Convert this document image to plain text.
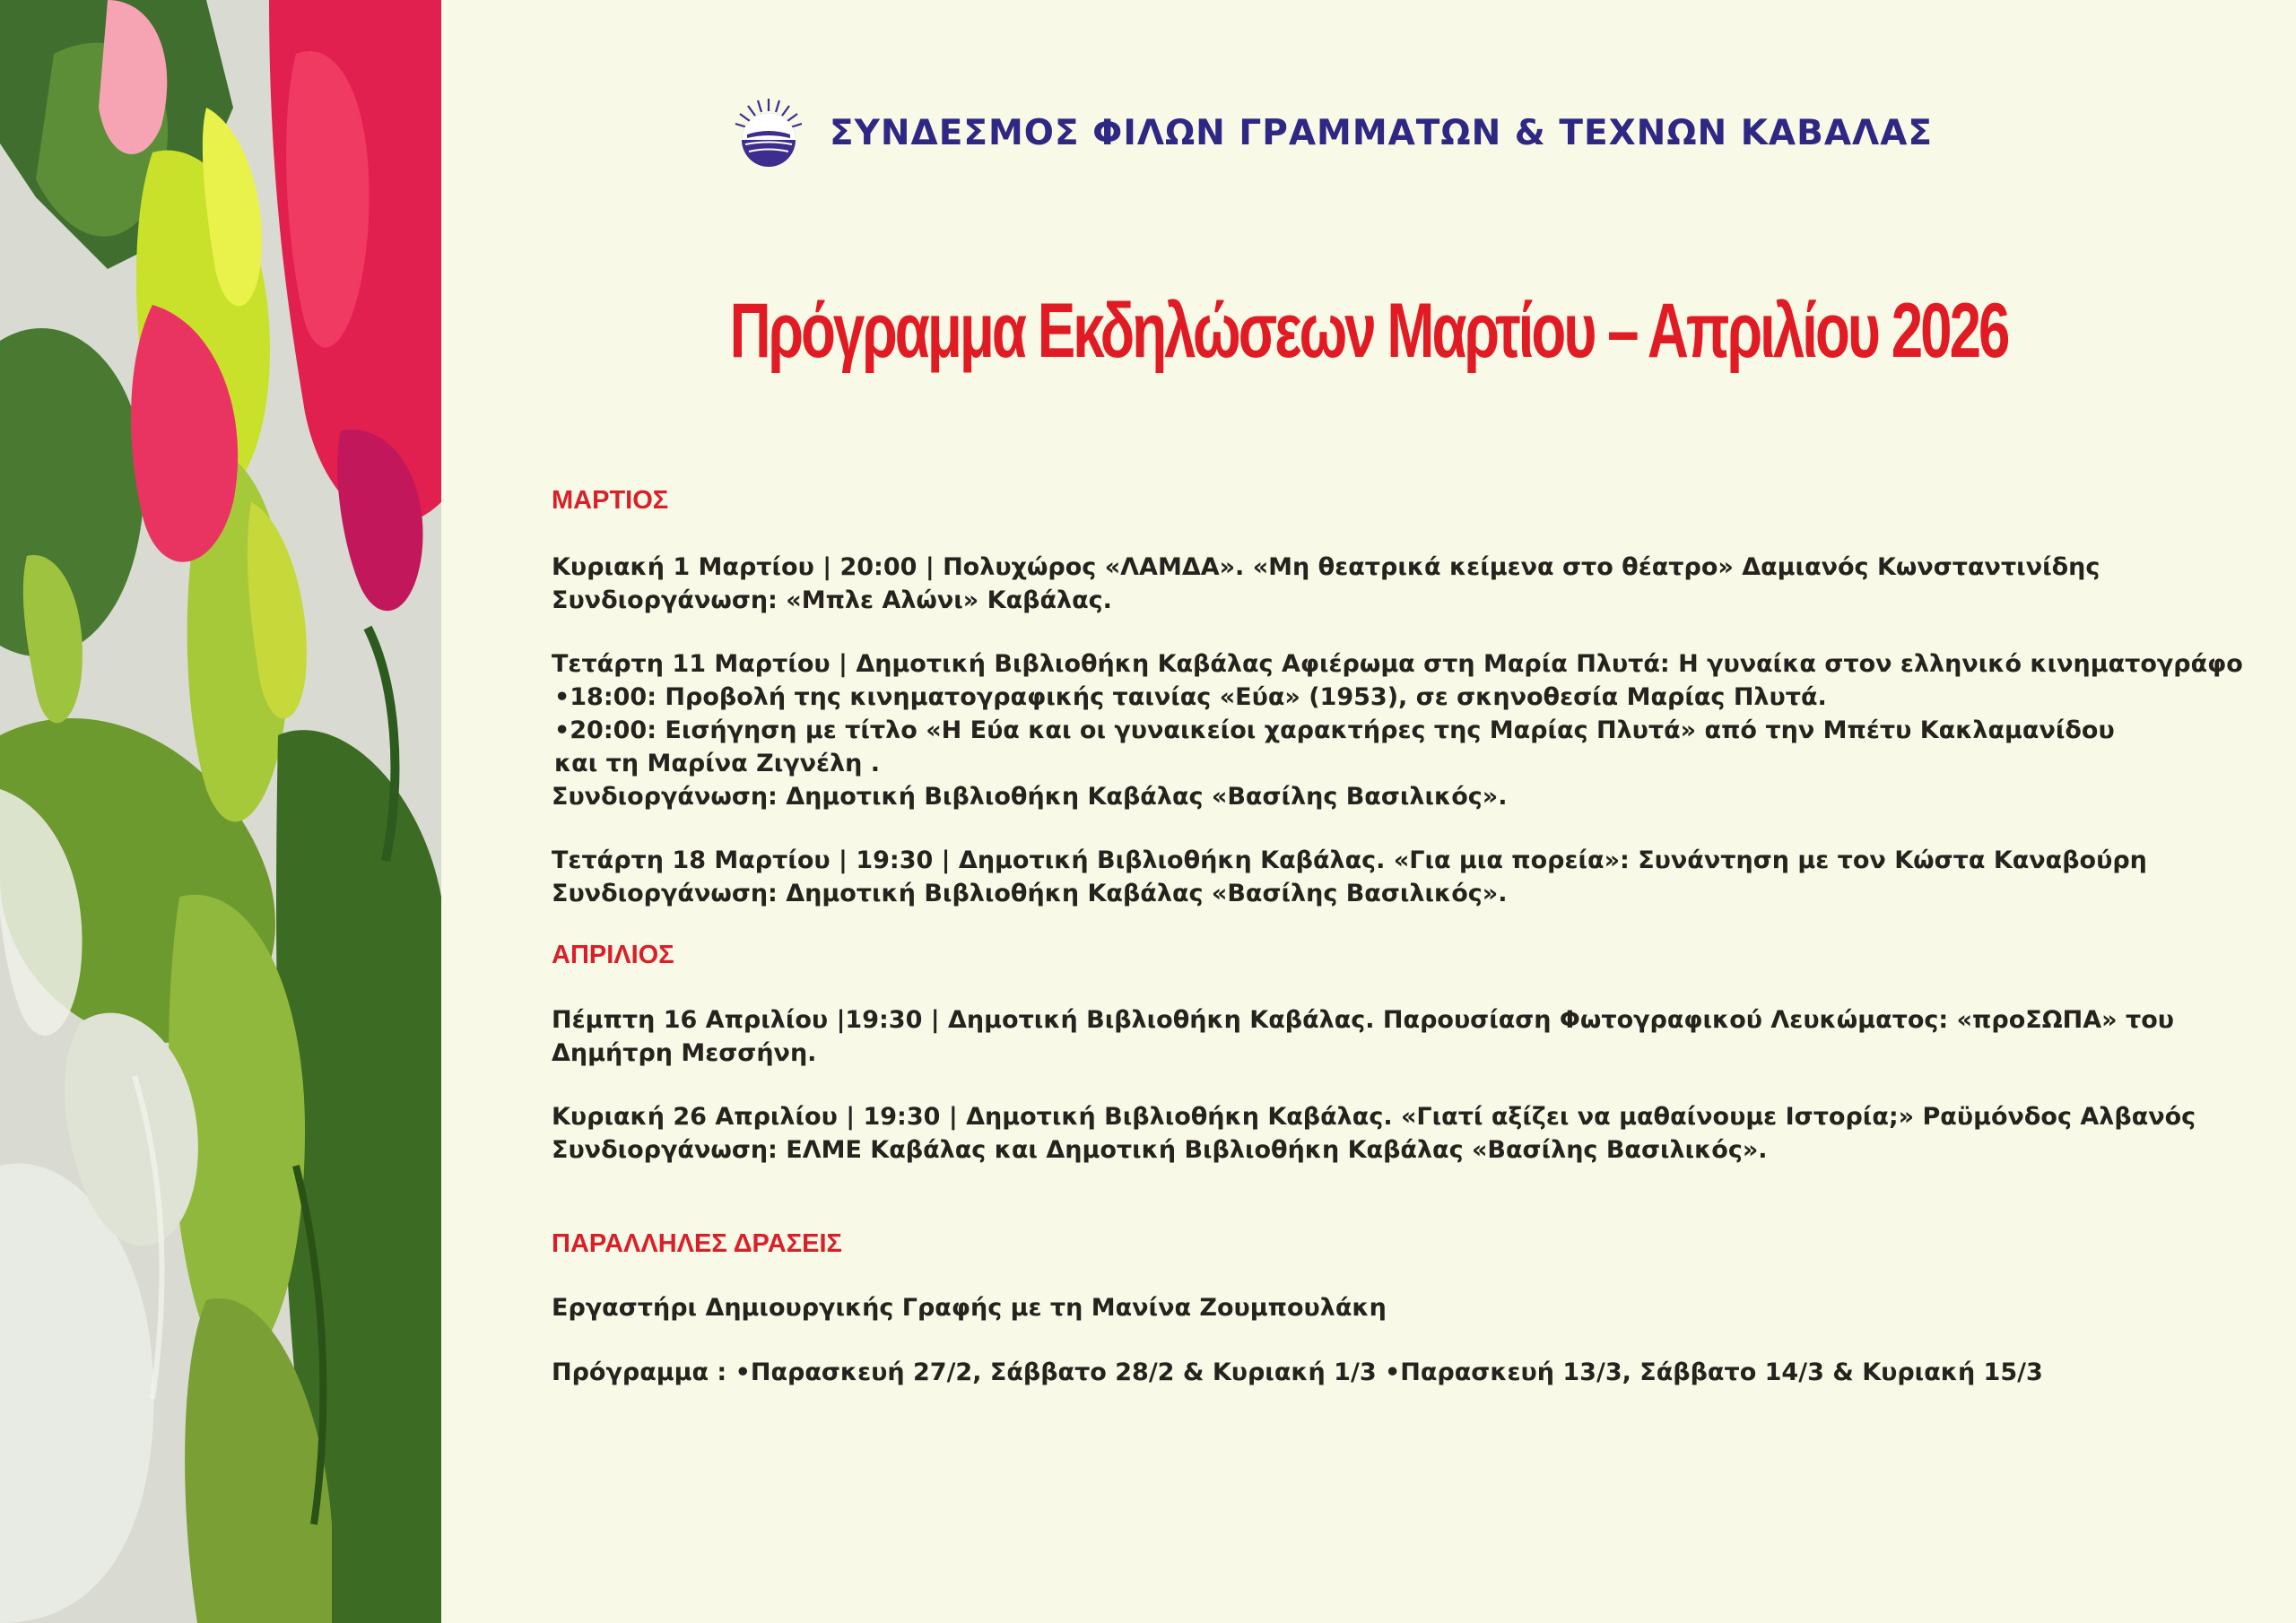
ΣΥΝΔΕΣΜΟΣ ΦΙΛΩΝ ΓΡΑΜΜΑΤΩΝ & ΤΕΧΝΩΝ ΚΑΒΑΛΑΣ
Πρόγραμμα Εκδηλώσεων Μαρτίου – Απριλίου 2026

ΜΑΡΤΙΟΣ

Κυριακή 1 Μαρτίου | 20:00 | Πολυχώρος «ΛΑΜΔΑ». «Μη θεατρικά κείμενα στο θέατρο» Δαμιανός Κωνσταντινίδης

Συνδιοργάνωση: «Μπλε Αλώνι» Καβάλας.

Τετάρτη 11 Μαρτίου | Δημοτική Βιβλιοθήκη Καβάλας Αφιέρωμα στη Μαρία Πλυτά: Η γυναίκα στον ελληνικό κινηματογράφο

•18:00: Προβολή της κινηματογραφικής ταινίας «Εύα» (1953), σε σκηνοθεσία Μαρίας Πλυτά.

•20:00: Εισήγηση με τίτλο «Η Εύα και οι γυναικείοι χαρακτήρες της Μαρίας Πλυτά» από την Μπέτυ Κακλαμανίδου και τη Μαρίνα Ζιγνέλη .

Συνδιοργάνωση: Δημοτική Βιβλιοθήκη Καβάλας «Βασίλης Βασιλικός».

Τετάρτη 18 Μαρτίου | 19:30 | Δημοτική Βιβλιοθήκη Καβάλας. «Για μια πορεία»: Συνάντηση με τον Κώστα Καναβούρη

Συνδιοργάνωση: Δημοτική Βιβλιοθήκη Καβάλας «Βασίλης Βασιλικός».

ΑΠΡΙΛΙΟΣ

Πέμπτη 16 Απριλίου |19:30 | Δημοτική Βιβλιοθήκη Καβάλας. Παρουσίαση Φωτογραφικού Λευκώματος: «προΣΩΠΑ» του

Δημήτρη Μεσσήνη.

Κυριακή 26 Απριλίου | 19:30 | Δημοτική Βιβλιοθήκη Καβάλας. «Γιατί αξίζει να μαθαίνουμε Ιστορία;» Ραϋμόνδος Αλβανός

Συνδιοργάνωση: ΕΛΜΕ Καβάλας και Δημοτική Βιβλιοθήκη Καβάλας «Βασίλης Βασιλικός».

ΠΑΡΑΛΛΗΛΕΣ ΔΡΑΣΕΙΣ

Εργαστήρι Δημιουργικής Γραφής με τη Μανίνα Ζουμπουλάκη

Πρόγραμμα : •Παρασκευή 27/2, Σάββατο 28/2 & Κυριακή 1/3 •Παρασκευή 13/3, Σάββατο 14/3 & Κυριακή 15/3
